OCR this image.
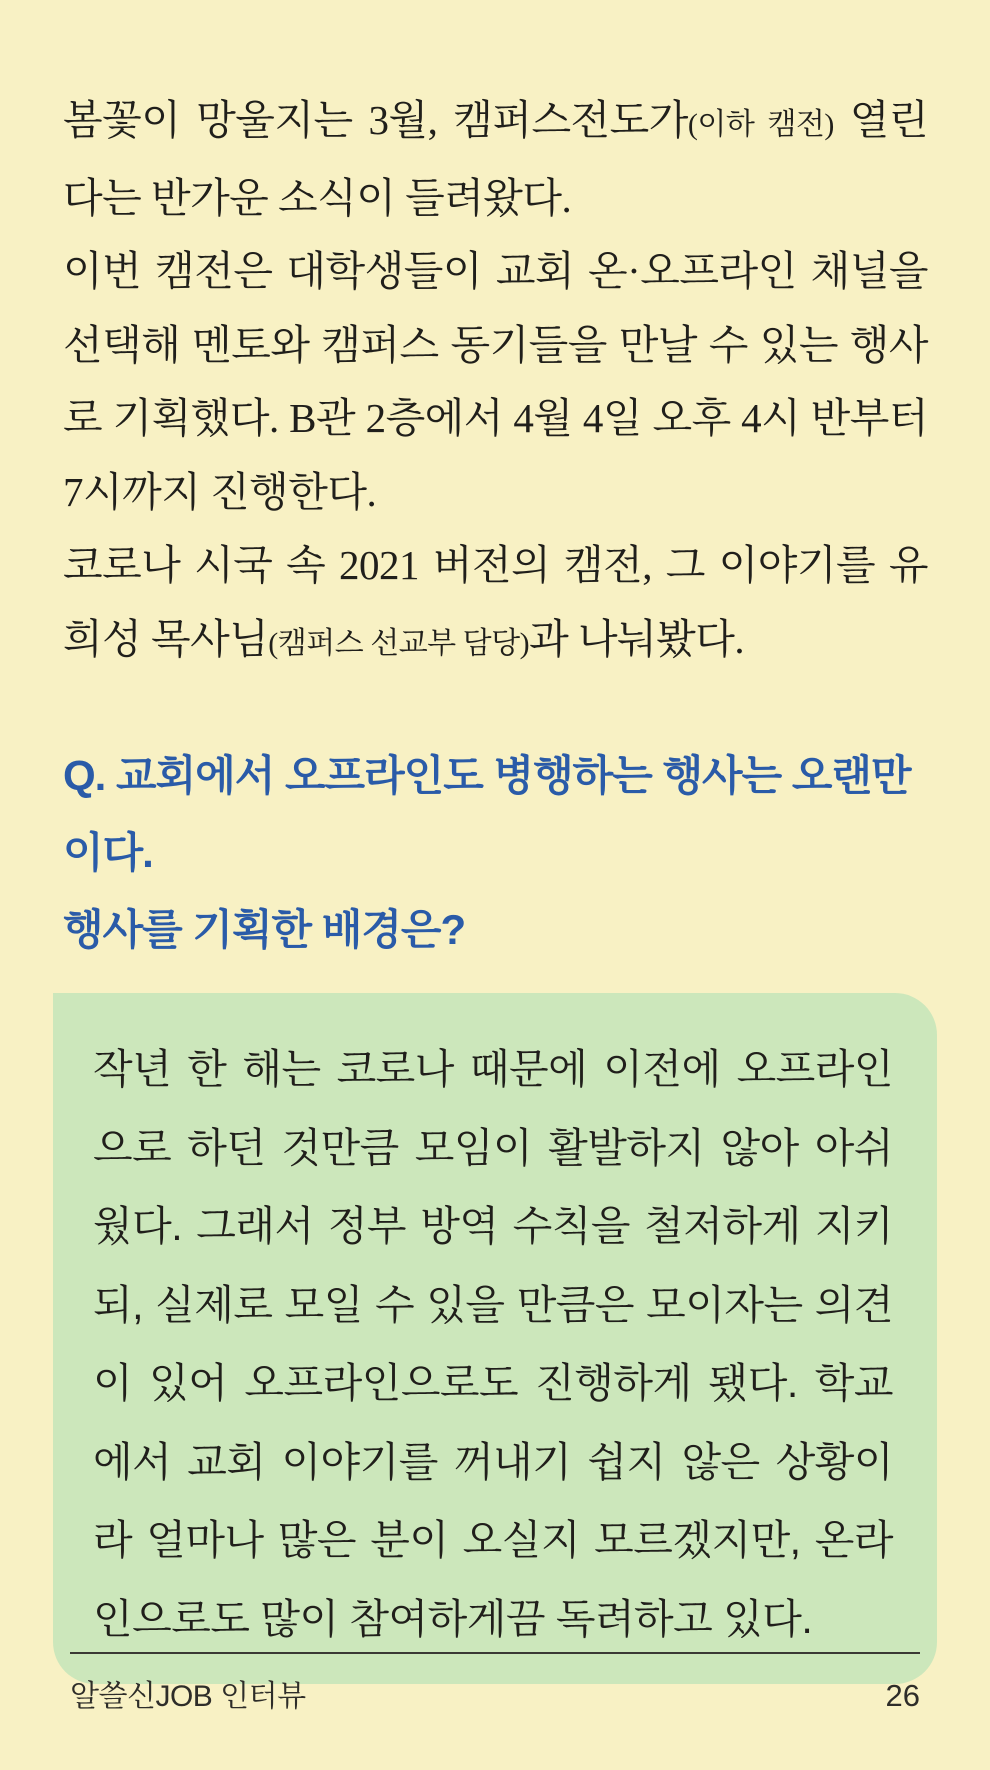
봄꽃이 망울지는 3월, 캠퍼스전도가(이하 캠전) 열린다는 반가운 소식이 들려왔다.

이번 캠전은 대학생들이 교회 온·오프라인 채널을 선택해 멘토와 캠퍼스 동기들을 만날 수 있는 행사로 기획했다. B관 2층에서 4월 4일 오후 4시 반부터 7시까지 진행한다.

코로나 시국 속 2021 버전의 캠전, 그 이야기를 유희성 목사님(캠퍼스 선교부 담당)과 나눠봤다.

Q. 교회에서 오프라인도 병행하는 행사는 오랜만이다.
행사를 기획한 배경은?

작년 한 해는 코로나 때문에 이전에 오프라인으로 하던 것만큼 모임이 활발하지 않아 아쉬웠다. 그래서 정부 방역 수칙을 철저하게 지키되, 실제로 모일 수 있을 만큼은 모이자는 의견이 있어 오프라인으로도 진행하게 됐다. 학교에서 교회 이야기를 꺼내기 쉽지 않은 상황이라 얼마나 많은 분이 오실지 모르겠지만, 온라인으로도 많이 참여하게끔 독려하고 있다.

알쓸신JOB 인터뷰	26
